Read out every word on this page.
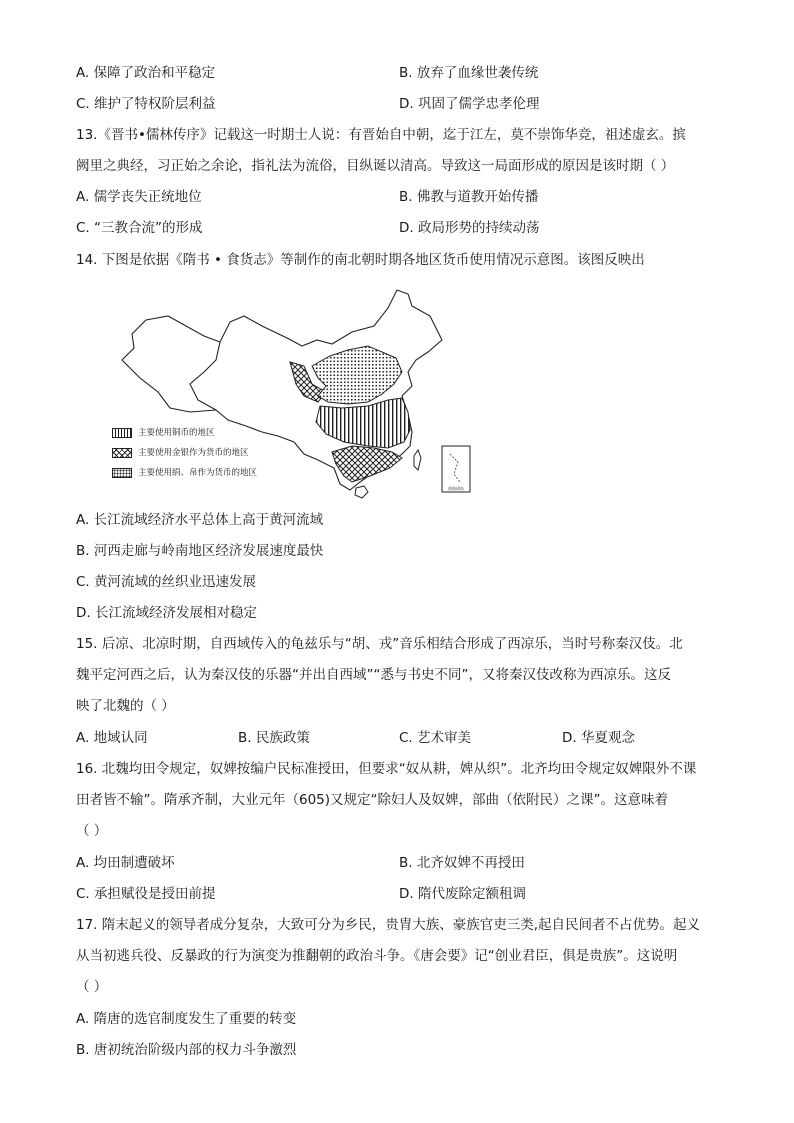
A. 保障了政治和平稳定	B. 放弃了血缘世袭传统
C. 维护了特权阶层利益	D. 巩固了儒学忠孝伦理
13.《晋书•儒林传序》记载这一时期士人说：有晋始自中朝，迄于江左，莫不崇饰华竞，祖述虚玄。摈
阙里之典经，习正始之余论，指礼法为流俗，目纵诞以清高。导致这一局面形成的原因是该时期（ ）
A. 儒学丧失正统地位	B. 佛教与道教开始传播
C. “三教合流”的形成	D. 政局形势的持续动荡
14. 下图是依据《隋书 • 食货志》等制作的南北朝时期各地区货币使用情况示意图。该图反映出
南海诸岛
主要使用铜币的地区
主要使用金银作为货币的地区
主要使用绢、帛作为货币的地区
A. 长江流域经济水平总体上高于黄河流域
B. 河西走廊与岭南地区经济发展速度最快
C. 黄河流域的丝织业迅速发展
D. 长江流域经济发展相对稳定
15. 后凉、北凉时期，自西域传入的龟兹乐与“胡、戎”音乐相结合形成了西凉乐，当时号称秦汉伎。北
魏平定河西之后，认为秦汉伎的乐器“并出自西域”“悉与书史不同”，又将秦汉伎改称为西凉乐。这反
映了北魏的（ ）
A. 地域认同	B. 民族政策	C. 艺术审美	D. 华夏观念
16. 北魏均田令规定，奴婢按编户民标准授田，但要求“奴从耕，婢从织”。北齐均田令规定奴婢限外不课
田者皆不输”。隋承齐制，大业元年（605)又规定“除妇人及奴婢，部曲（依附民）之课”。这意味着
（ ）
A. 均田制遭破坏	B. 北齐奴婢不再授田
C. 承担赋役是授田前提	D. 隋代废除定额租调
17. 隋末起义的领导者成分复杂，大致可分为乡民，贵胄大族、豪族官吏三类,起自民间者不占优势。起义
从当初逃兵役、反暴政的行为演变为推翻朝的政治斗争。《唐会要》记“创业君臣，俱是贵族”。这说明
（ ）
A. 隋唐的选官制度发生了重要的转变
B. 唐初统治阶级内部的权力斗争激烈
